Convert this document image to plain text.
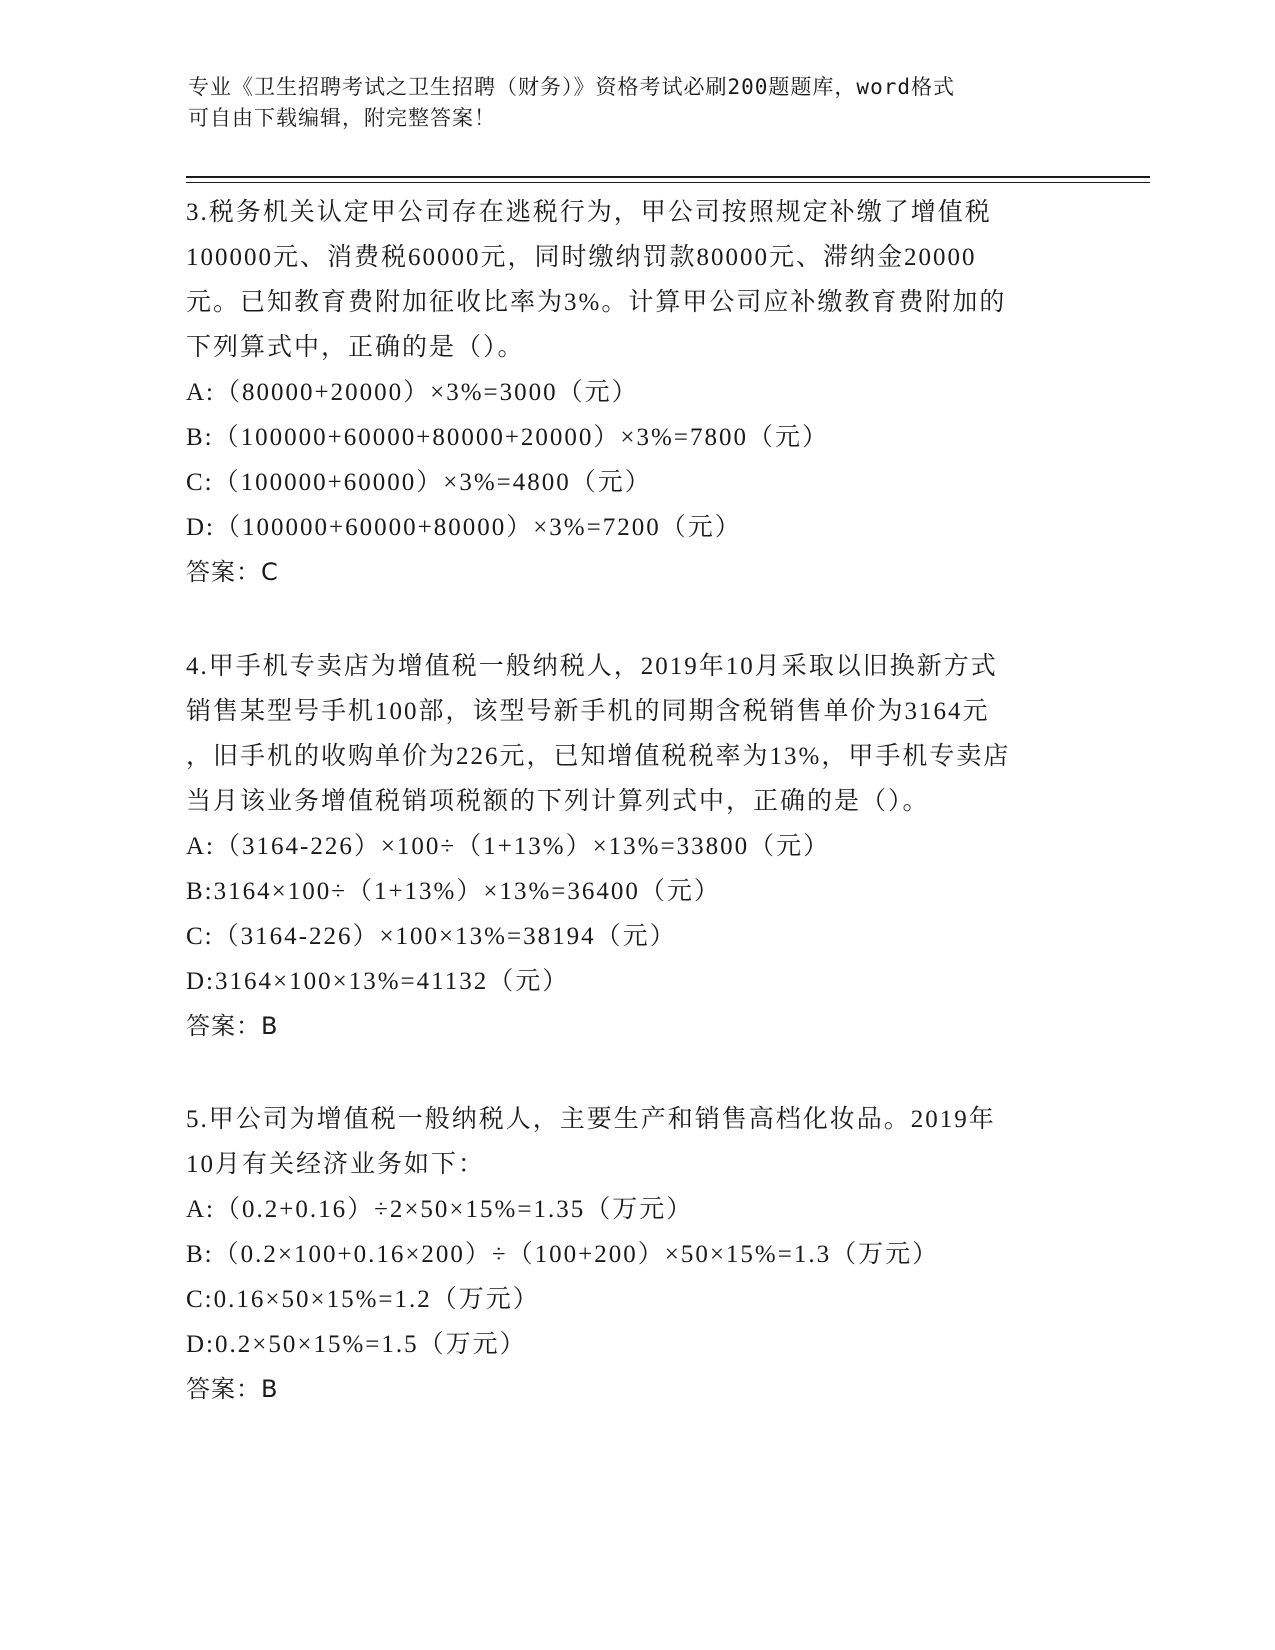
专业《卫生招聘考试之卫生招聘（财务）》资格考试必刷200题题库，word格式
可自由下载编辑，附完整答案！
3.税务机关认定甲公司存在逃税行为，甲公司按照规定补缴了增值税
100000元、消费税60000元，同时缴纳罚款80000元、滞纳金20000
元。已知教育费附加征收比率为3%。计算甲公司应补缴教育费附加的
下列算式中，正确的是（）。
A:（80000+20000）×3%=3000（元）
B:（100000+60000+80000+20000）×3%=7800（元）
C:（100000+60000）×3%=4800（元）
D:（100000+60000+80000）×3%=7200（元）
答案：C
4.甲手机专卖店为增值税一般纳税人，2019年10月采取以旧换新方式
销售某型号手机100部，该型号新手机的同期含税销售单价为3164元
，旧手机的收购单价为226元，已知增值税税率为13%，甲手机专卖店
当月该业务增值税销项税额的下列计算列式中，正确的是（）。
A:（3164-226）×100÷（1+13%）×13%=33800（元）
B:3164×100÷（1+13%）×13%=36400（元）
C:（3164-226）×100×13%=38194（元）
D:3164×100×13%=41132（元）
答案：B
5.甲公司为增值税一般纳税人，主要生产和销售高档化妆品。2019年
10月有关经济业务如下：
A:（0.2+0.16）÷2×50×15%=1.35（万元）
B:（0.2×100+0.16×200）÷（100+200）×50×15%=1.3（万元）
C:0.16×50×15%=1.2（万元）
D:0.2×50×15%=1.5（万元）
答案：B
